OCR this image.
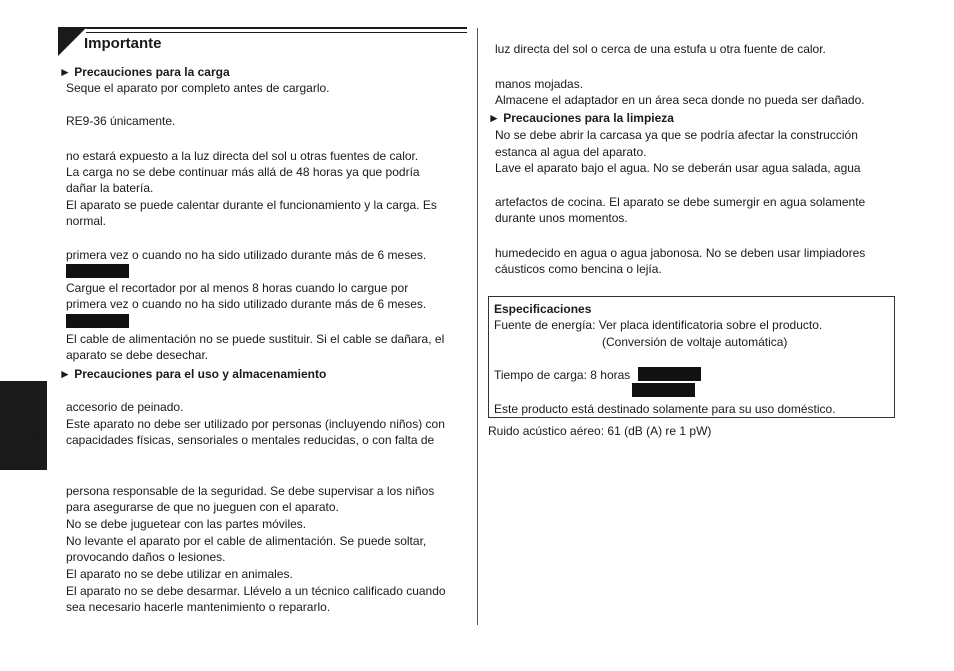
Importante
Español
► Precauciones para la carga
Seque el aparato por completo antes de cargarlo.
RE9-36 únicamente.
no estará expuesto a la luz directa del sol u otras fuentes de calor.
La carga no se debe continuar más allá de 48 horas ya que podría
dañar la batería.
El aparato se puede calentar durante el funcionamiento y la carga. Es
normal.
primera vez o cuando no ha sido utilizado durante más de 6 meses.
Cargue el recortador por al menos 8 horas cuando lo cargue por
primera vez o cuando no ha sido utilizado durante más de 6 meses.
El cable de alimentación no se puede sustituir. Si el cable se dañara, el
aparato se debe desechar.
► Precauciones para el uso y almacenamiento
accesorio de peinado.
Este aparato no debe ser utilizado por personas (incluyendo niños) con
capacidades físicas, sensoriales o mentales reducidas, o con falta de
persona responsable de la seguridad. Se debe supervisar a los niños
para asegurarse de que no jueguen con el aparato.
No se debe juguetear con las partes móviles.
No levante el aparato por el cable de alimentación. Se puede soltar,
provocando daños o lesiones.
El aparato no se debe utilizar en animales.
El aparato no se debe desarmar. Llévelo a un técnico calificado cuando
sea necesario hacerle mantenimiento o repararlo.
luz directa del sol o cerca de una estufa u otra fuente de calor.
manos mojadas.
Almacene el adaptador en un área seca donde no pueda ser dañado.
► Precauciones para la limpieza
No se debe abrir la carcasa ya que se podría afectar la construcción
estanca al agua del aparato.
Lave el aparato bajo el agua. No se deberán usar agua salada, agua
artefactos de cocina. El aparato se debe sumergir en agua solamente
durante unos momentos.
humedecido en agua o agua jabonosa. No se deben usar limpiadores
cáusticos como bencina o lejía.
Especificaciones
Fuente de energía: Ver placa identificatoria sobre el producto.
(Conversión de voltaje automática)
Tiempo de carga: 8 horas
Este producto está destinado solamente para su uso doméstico.
Ruido acústico aéreo: 61 (dB (A) re 1 pW)
